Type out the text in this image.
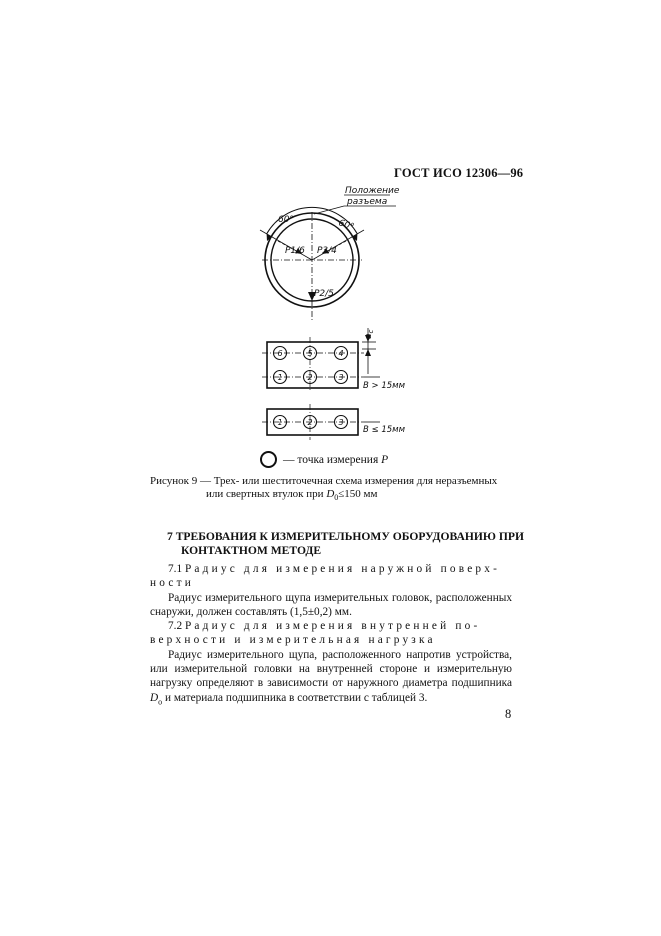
ГОСТ ИСО 12306—96
Положение
разъема
60°	60°
P1/6 P3/4
P2/5
$a_c$
B > 15мм
B ≤ 15мм
6	5	4
1	2	3
1	2	3
— точка измерения P
Рисунок 9 — Трех- или шеститочечная схема измерения для неразъемных
или свертных втулок при $D_0\le 150$ мм
7 ТРЕБОВАНИЯ К ИЗМЕРИТЕЛЬНОМУ ОБОРУДОВАНИЮ ПРИ
КОНТАКТНОМ МЕТОДЕ

7.1 Радиус для измерения наружной поверх-

ности

Радиус измерительного щупа измерительных головок, расположенных снаружи, должен составлять (1,5±0,2) мм.

7.2 Радиус для измерения внутренней по-

верхности и измерительная нагрузка

Радиус измерительного щупа, расположенного напротив устройства, или измерительной головки на внутренней стороне и измерительную нагрузку определяют в зависимости от наружного диаметра подшипника $D_o$ и материала подшипника в соответствии с таблицей 3.

8
